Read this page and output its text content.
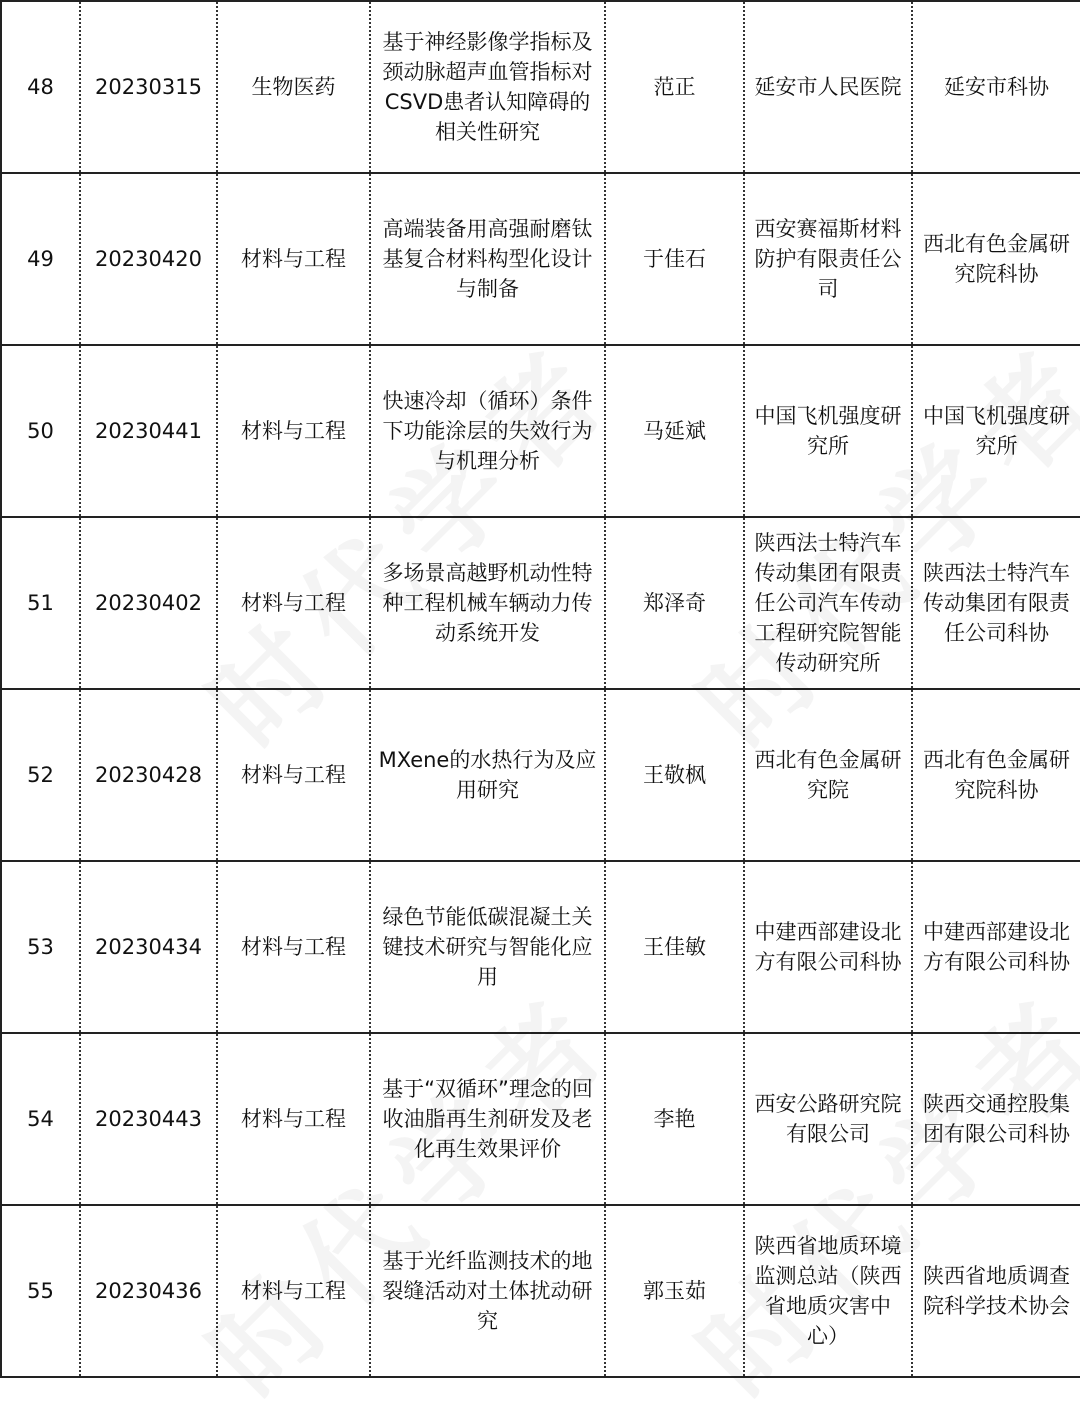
48	20230315	生物医药	基于神经影像学指标及颈动脉超声血管指标对CSVD患者认知障碍的相关性研究	范正	延安市人民医院	延安市科协
49	20230420	材料与工程	高端装备用高强耐磨钛基复合材料构型化设计与制备	于佳石	西安赛福斯材料防护有限责任公司	西北有色金属研究院科协
50	20230441	材料与工程	快速冷却（循环）条件下功能涂层的失效行为与机理分析	马延斌	中国飞机强度研究所	中国飞机强度研究所
51	20230402	材料与工程	多场景高越野机动性特种工程机械车辆动力传动系统开发	郑泽奇	陕西法士特汽车传动集团有限责任公司汽车传动工程研究院智能传动研究所	陕西法士特汽车传动集团有限责任公司科协
52	20230428	材料与工程	MXene的水热行为及应用研究	王敬枫	西北有色金属研究院	西北有色金属研究院科协
53	20230434	材料与工程	绿色节能低碳混凝土关键技术研究与智能化应用	王佳敏	中建西部建设北方有限公司科协	中建西部建设北方有限公司科协
54	20230443	材料与工程	基于“双循环”理念的回收油脂再生剂研发及老化再生效果评价	李艳	西安公路研究院有限公司	陕西交通控股集团有限公司科协
55	20230436	材料与工程	基于光纤监测技术的地裂缝活动对土体扰动研究	郭玉茹	陕西省地质环境监测总站（陕西省地质灾害中心）	陕西省地质调查院科学技术协会
